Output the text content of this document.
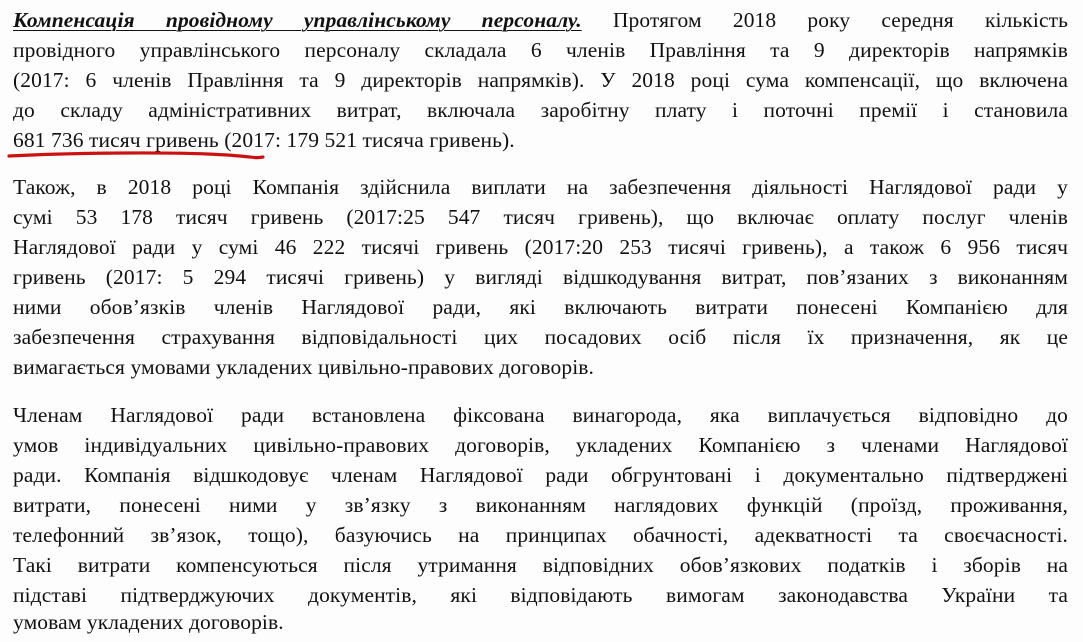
Компенсація провідному управлінському персоналу. Протягом 2018 року середня кількість
провідного управлінського персоналу складала 6 членів Правління та 9 директорів напрямків
(2017: 6 членів Правління та 9 директорів напрямків). У 2018 році сума компенсації, що включена
до складу адміністративних витрат, включала заробітну плату і поточні премії і становила
681 736 тисяч гривень (2017: 179 521 тисяча гривень).
Також, в 2018 році Компанія здійснила виплати на забезпечення діяльності Наглядової ради у
сумі 53 178 тисяч гривень (2017:25 547 тисяч гривень), що включає оплату послуг членів
Наглядової ради у сумі 46 222 тисячі гривень (2017:20 253 тисячі гривень), а також 6 956 тисяч
гривень (2017: 5 294 тисячі гривень) у вигляді відшкодування витрат, пов’язаних з виконанням
ними обов’язків членів Наглядової ради, які включають витрати понесені Компанією для
забезпечення страхування відповідальності цих посадових осіб після їх призначення, як це
вимагається умовами укладених цивільно-правових договорів.
Членам Наглядової ради встановлена фіксована винагорода, яка виплачується відповідно до
умов індивідуальних цивільно-правових договорів, укладених Компанією з членами Наглядової
ради. Компанія відшкодовує членам Наглядової ради обгрунтовані і документально підтверджені
витрати, понесені ними у зв’язку з виконанням наглядових функцій (проїзд, проживання,
телефонний зв’язок, тощо), базуючись на принципах обачності, адекватності та своєчасності.
Такі витрати компенсуються після утримання відповідних обов’язкових податків і зборів на
підставі підтверджуючих документів, які відповідають вимогам законодавства України та
умовам укладених договорів.
